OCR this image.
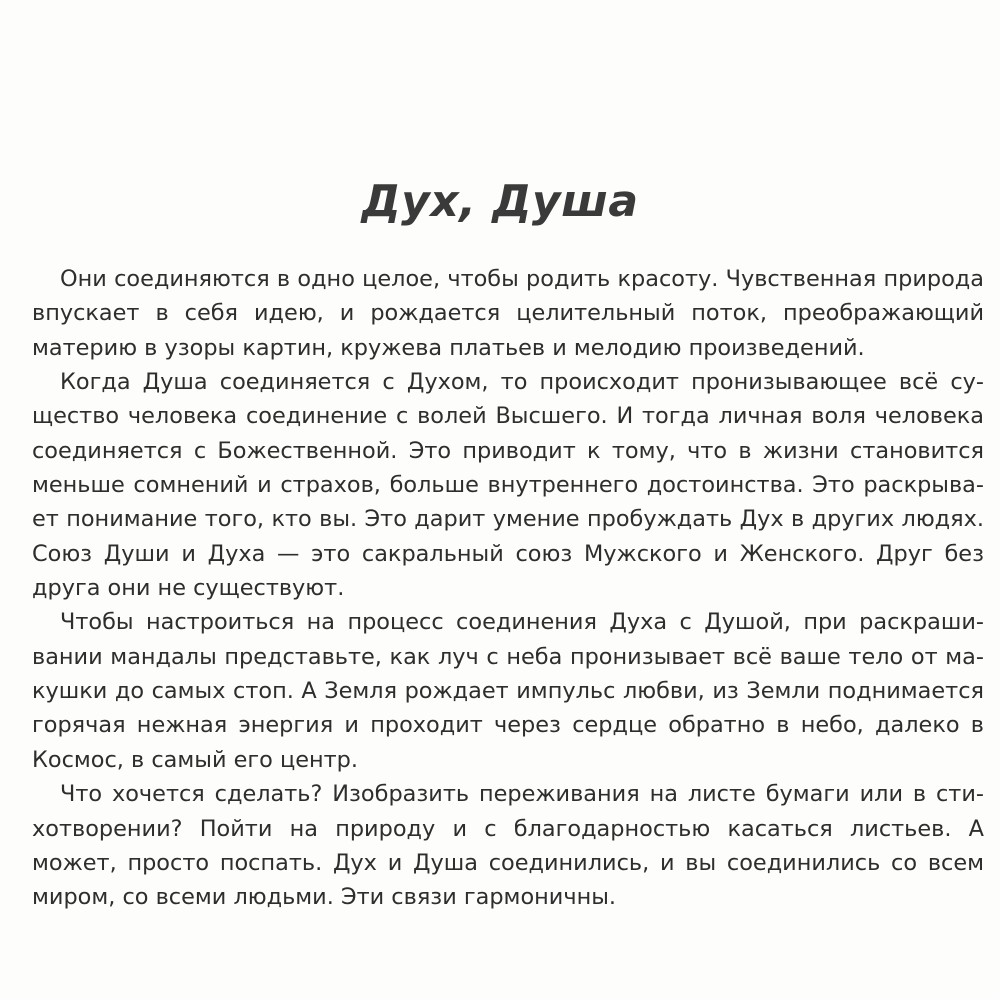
Дух, Душа

Они соединяются в одно целое, чтобы родить красоту. Чувственная природа впускает в себя идею, и рождается целительный поток, преображающий материю в узоры картин, кружева платьев и мелодию произведений.

Когда Душа соединяется с Духом, то происходит пронизывающее всё существо человека соединение с волей Высшего. И тогда личная воля человека соединяется с Божественной. Это приводит к тому, что в жизни становится меньше сомнений и страхов, больше внутреннего достоинства. Это раскрывает понимание того, кто вы. Это дарит умение пробуждать Дух в других людях. Союз Души и Духа — это сакральный союз Мужского и Женского. Друг без друга они не существуют.

Чтобы настроиться на процесс соединения Духа с Душой, при раскрашивании мандалы представьте, как луч с неба пронизывает всё ваше тело от макушки до самых стоп. А Земля рождает импульс любви, из Земли поднимается горячая нежная энергия и проходит через сердце обратно в небо, далеко в Космос, в самый его центр.

Что хочется сделать? Изобразить переживания на листе бумаги или в стихотворении? Пойти на природу и с благодарностью касаться листьев. А может, просто поспать. Дух и Душа соединились, и вы соединились со всем миром, со всеми людьми. Эти связи гармоничны.
